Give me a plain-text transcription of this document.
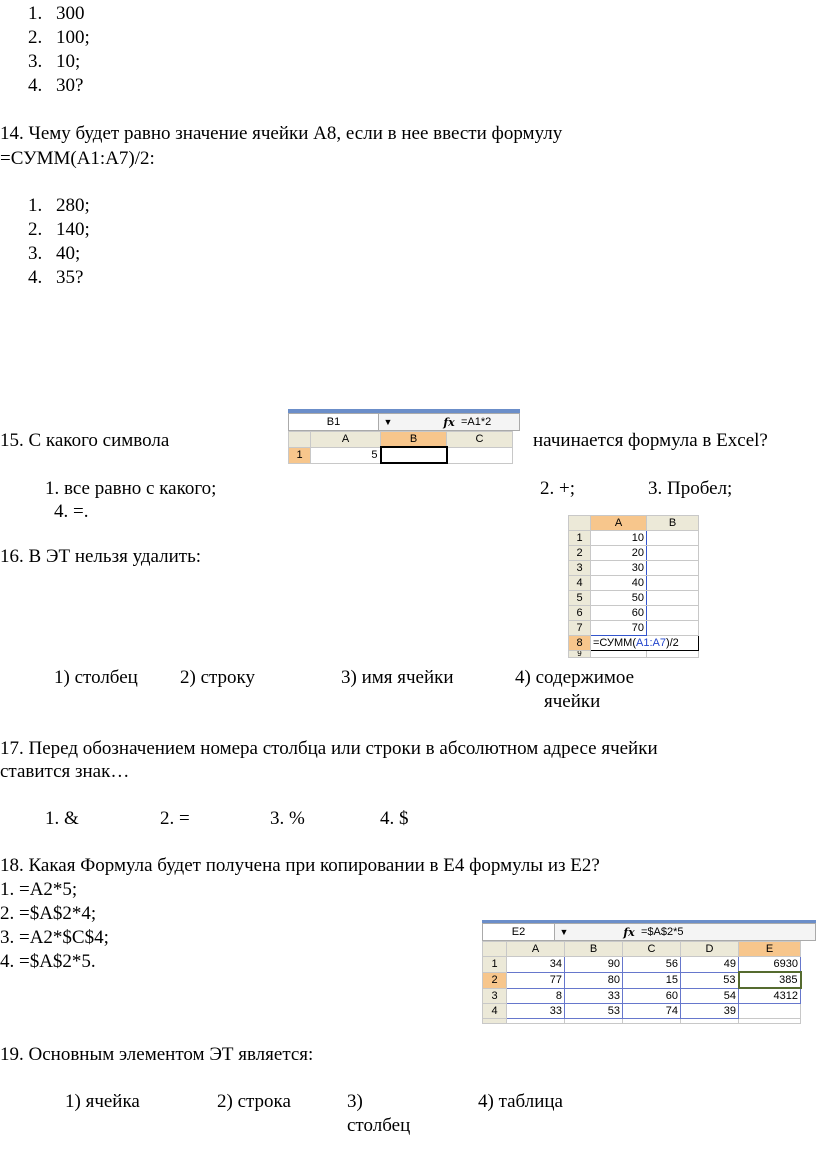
1. 300
2. 100;
3. 10;
4. 30?
14. Чему будет равно значение ячейки А8, если в нее ввести формулу
=СУММ(А1:А7)/2:
1. 280;
2. 140;
3. 40;
4. 35?
15. С какого символа	начинается формула в Excel?
1. все равно с какого;	2. +;	3. Пробел;
4. =.
B1	▼	fx =A1*2
	A	B	C
1	5		
16. В ЭТ нельзя удалить:
1) столбец 2) строку	3) имя ячейки	4) содержимое
ячейки
	A	B
1	10	
2	20	
3	30	
4	40	
5	50	
6	60	
7	70	
8	=СУММ(A1:A7)/2	
9		
17. Перед обозначением номера столбца или строки в абсолютном адресе ячейки
ставится знак…
1. &	2. =	3. %	4. $
18. Какая Формула будет получена при копировании в Е4 формулы из Е2?
1. =А2*5;
2. =$А$2*4;
3. =А2*$С$4;
4. =$А$2*5.
E2	▼	fx =$A$2*5
	A	B	C	D	E
1	34	90	56	49	6930
2	77	80	15	53	385
3	8	33	60	54	4312
4	33	53	74	39	

19. Основным элементом ЭТ является:
1) ячейка	2) строка	3)
столбец
4) таблица
